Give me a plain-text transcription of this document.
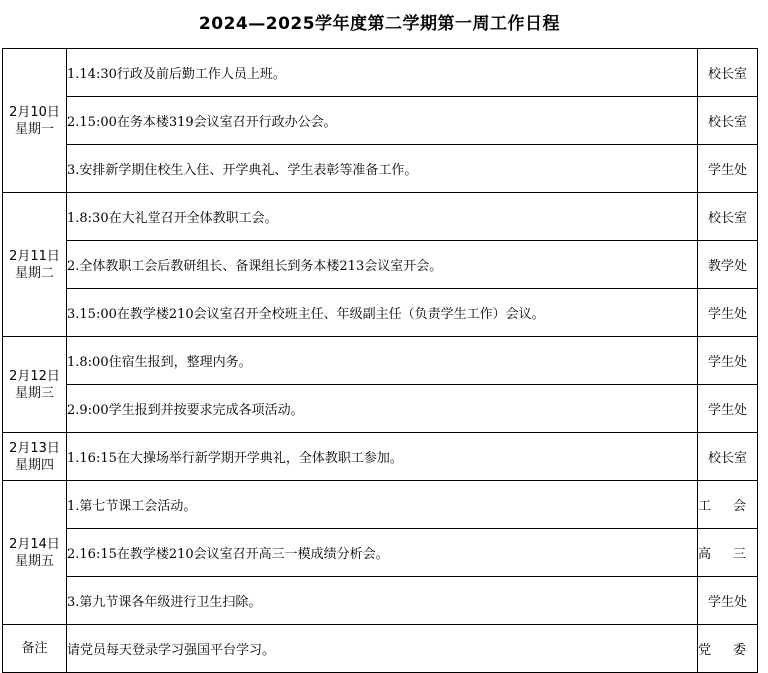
2024—2025学年度第二学期第一周工作日程
2月10日
星期一	1.14:30行政及前后勤工作人员上班。	校长室
	2.15:00在务本楼319会议室召开行政办公会。	校长室
	3.安排新学期住校生入住、开学典礼、学生表彰等准备工作。	学生处

2月11日
星期二	1.8:30在大礼堂召开全体教职工会。	校长室
	2.全体教职工会后教研组长、备课组长到务本楼213会议室开会。	教学处
	3.15:00在教学楼210会议室召开全校班主任、年级副主任（负责学生工作）会议。	学生处

2月12日
星期三	1.8:00住宿生报到，整理内务。	学生处
	2.9:00学生报到并按要求完成各项活动。	学生处

2月13日
星期四	1.16:15在大操场举行新学期开学典礼，全体教职工参加。	校长室

2月14日
星期五	1.第七节课工会活动。	工会
	2.16:15在教学楼210会议室召开高三一模成绩分析会。	高三
	3.第九节课各年级进行卫生扫除。	学生处
备注	请党员每天登录学习强国平台学习。	党委
